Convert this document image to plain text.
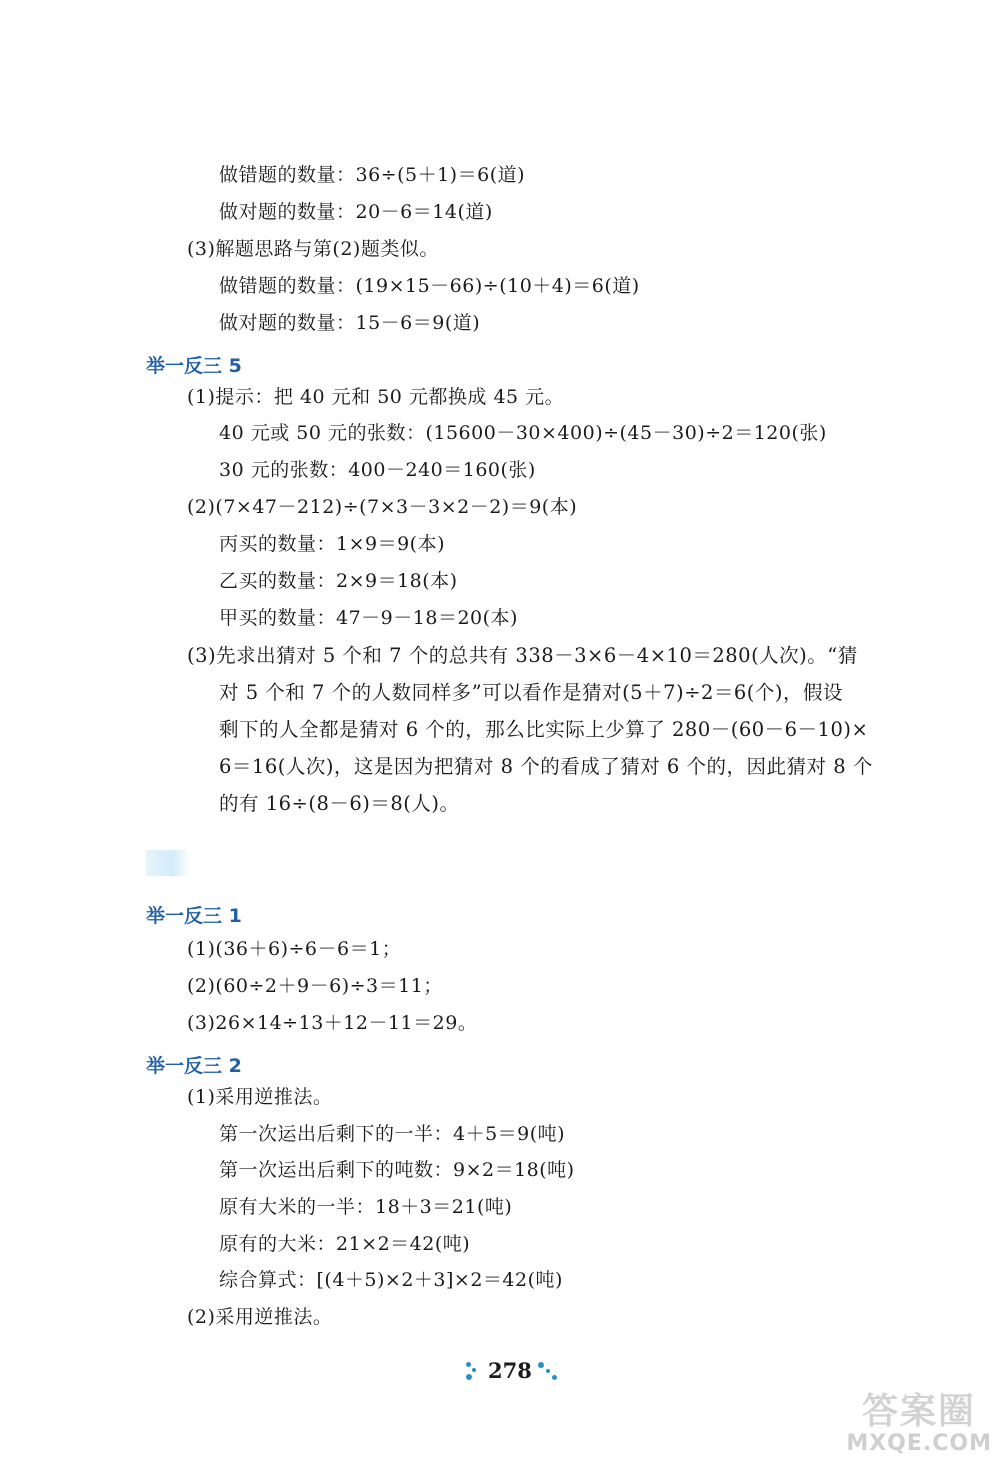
做错题的数量：36÷(5＋1)＝6(道)
做对题的数量：20－6＝14(道)
(3)解题思路与第(2)题类似。
做错题的数量：(19×15－66)÷(10＋4)＝6(道)
做对题的数量：15－6＝9(道)
举一反三 5
(1)提示：把 40 元和 50 元都换成 45 元。
40 元或 50 元的张数：(15600－30×400)÷(45－30)÷2＝120(张)
30 元的张数：400－240＝160(张)
(2)(7×47－212)÷(7×3－3×2－2)＝9(本)
丙买的数量：1×9＝9(本)
乙买的数量：2×9＝18(本)
甲买的数量：47－9－18＝20(本)
(3)先求出猜对 5 个和 7 个的总共有 338－3×6－4×10＝280(人次)。“猜
对 5 个和 7 个的人数同样多”可以看作是猜对(5＋7)÷2＝6(个)，假设
剩下的人全都是猜对 6 个的，那么比实际上少算了 280－(60－6－10)×
6＝16(人次)，这是因为把猜对 8 个的看成了猜对 6 个的，因此猜对 8 个
的有 16÷(8－6)＝8(人)。
举一反三 1
(1)(36＋6)÷6－6＝1；
(2)(60÷2＋9－6)÷3＝11；
(3)26×14÷13＋12－11＝29。
举一反三 2
(1)采用逆推法。
第一次运出后剩下的一半：4＋5＝9(吨)
第一次运出后剩下的吨数：9×2＝18(吨)
原有大米的一半：18＋3＝21(吨)
原有的大米：21×2＝42(吨)
综合算式：[(4＋5)×2＋3]×2＝42(吨)
(2)采用逆推法。
278
答案圈
MXQE.COM
